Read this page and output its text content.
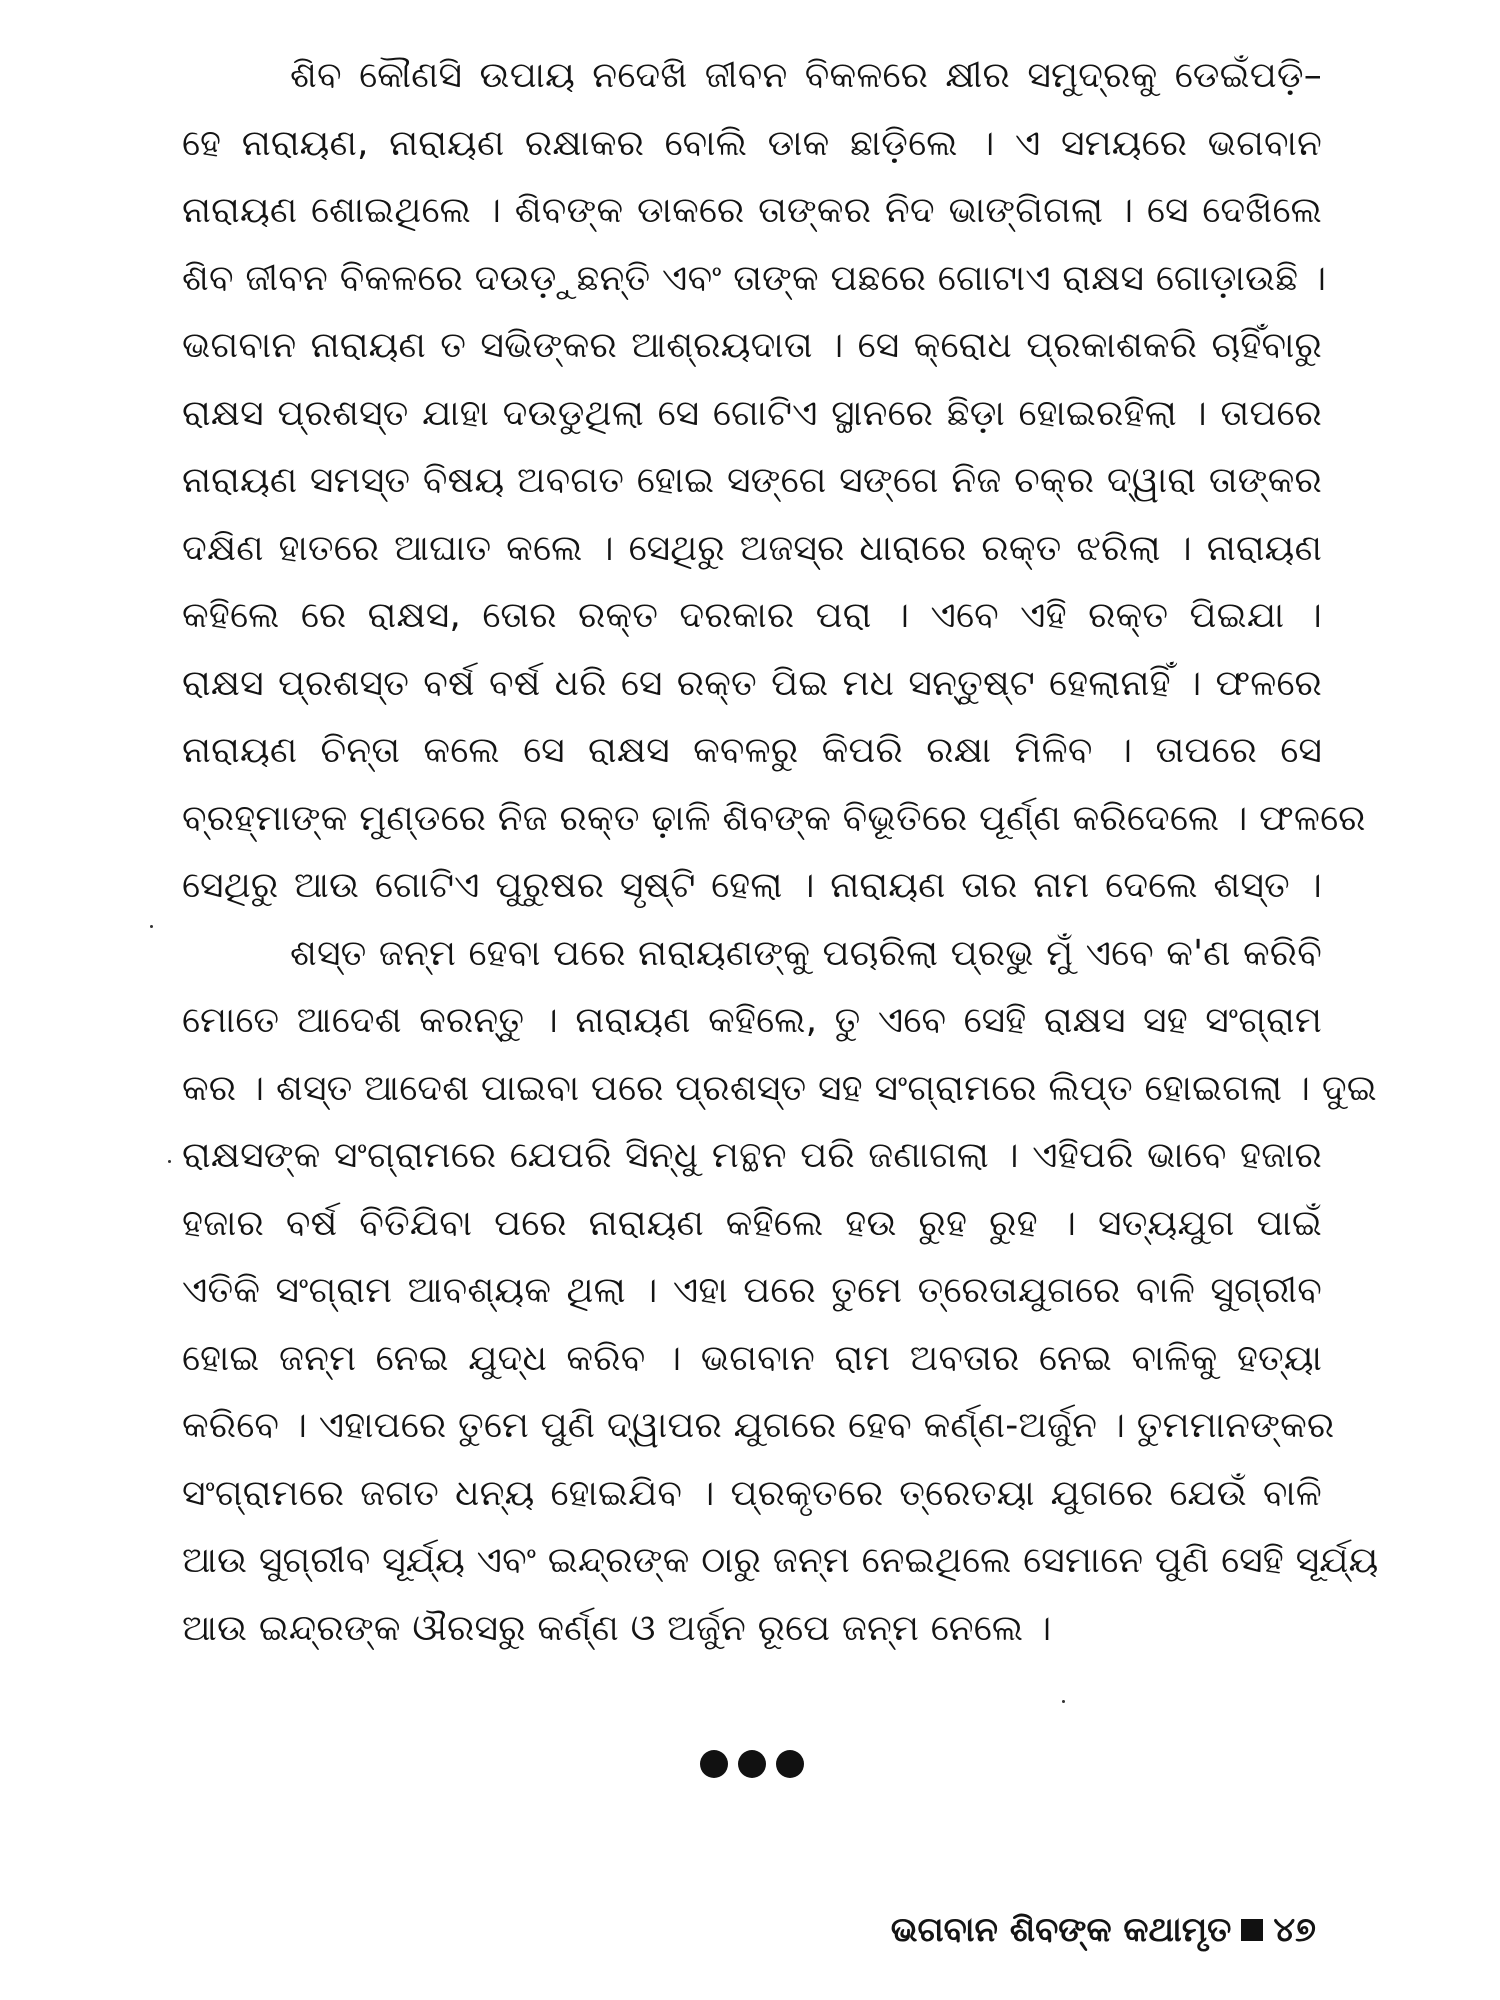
ଶିବ କୌଣସି ଉପାୟ ନଦେଖି ଜୀବନ ବିକଳରେ କ୍ଷୀର ସମୁଦ୍ରକୁ ଡେଇଁପଡ଼ି–
ହେ ନାରାୟଣ, ନାରାୟଣ ରକ୍ଷାକର ବୋଲି ଡାକ ଛାଡ଼ିଲେ । ଏ ସମୟରେ ଭଗବାନ
ନାରାୟଣ ଶୋଇଥିଲେ । ଶିବଙ୍କ ଡାକରେ ତାଙ୍କର ନିଦ ଭାଙ୍ଗିଗଲା । ସେ ଦେଖିଲେ
ଶିବ ଜୀବନ ବିକଳରେ ଦଉଡ଼ୁଛନ୍ତି ଏବଂ ତାଙ୍କ ପଛରେ ଗୋଟାଏ ରାକ୍ଷସ ଗୋଡ଼ାଉଛି ।
ଭଗବାନ ନାରାୟଣ ତ ସଭିଙ୍କର ଆଶ୍ରୟଦାତା । ସେ କ୍ରୋଧ ପ୍ରକାଶକରି ଚାହିଁବାରୁ
ରାକ୍ଷସ ପ୍ରଶସ୍ତ ଯାହା ଦଉଡୁଥିଲା ସେ ଗୋଟିଏ ସ୍ଥାନରେ ଛିଡ଼ା ହୋଇରହିଲା । ତାପରେ
ନାରାୟଣ ସମସ୍ତ ବିଷୟ ଅବଗତ ହୋଇ ସଙ୍ଗେ ସଙ୍ଗେ ନିଜ ଚକ୍ର ଦ୍ୱାରା ତାଙ୍କର
ଦକ୍ଷିଣ ହାତରେ ଆଘାତ କଲେ । ସେଥିରୁ ଅଜସ୍ର ଧାରାରେ ରକ୍ତ ଝରିଲା । ନାରାୟଣ
କହିଲେ ରେ ରାକ୍ଷସ, ତୋର ରକ୍ତ ଦରକାର ପରା । ଏବେ ଏହି ରକ୍ତ ପିଇଯା ।
ରାକ୍ଷସ ପ୍ରଶସ୍ତ ବର୍ଷ ବର୍ଷ ଧରି ସେ ରକ୍ତ ପିଇ ମଧ ସନ୍ତୁଷ୍ଟ ହେଲାନାହିଁ । ଫଳରେ
ନାରାୟଣ ଚିନ୍ତା କଲେ ସେ ରାକ୍ଷସ କବଳରୁ କିପରି ରକ୍ଷା ମିଳିବ । ତାପରେ ସେ
ବ୍ରହ୍ମାଙ୍କ ମୁଣ୍ଡରେ ନିଜ ରକ୍ତ ଢ଼ାଳି ଶିବଙ୍କ ବିଭୂତିରେ ପୂର୍ଣ୍ଣ କରିଦେଲେ । ଫଳରେ
ସେଥିରୁ ଆଉ ଗୋଟିଏ ପୁରୁଷର ସୃଷ୍ଟି ହେଲା । ନାରାୟଣ ତାର ନାମ ଦେଲେ ଶସ୍ତ ।
ଶସ୍ତ ଜନ୍ମ ହେବା ପରେ ନାରାୟଣଙ୍କୁ ପଚାରିଲା ପ୍ରଭୁ ମୁଁ ଏବେ କ'ଣ କରିବି
ମୋତେ ଆଦେଶ କରନ୍ତୁ । ନାରାୟଣ କହିଲେ, ତୁ ଏବେ ସେହି ରାକ୍ଷସ ସହ ସଂଗ୍ରାମ
କର । ଶସ୍ତ ଆଦେଶ ପାଇବା ପରେ ପ୍ରଶସ୍ତ ସହ ସଂଗ୍ରାମରେ ଲିପ୍ତ ହୋଇଗଲା । ଦୁଇ
ରାକ୍ଷସଙ୍କ ସଂଗ୍ରାମରେ ଯେପରି ସିନ୍ଧୁ ମନ୍ଥନ ପରି ଜଣାଗଲା । ଏହିପରି ଭାବେ ହଜାର
ହଜାର ବର୍ଷ ବିତିଯିବା ପରେ ନାରାୟଣ କହିଲେ ହଉ ରୁହ ରୁହ । ସତ୍ୟଯୁଗ ପାଇଁ
ଏତିକି ସଂଗ୍ରାମ ଆବଶ୍ୟକ ଥିଲା । ଏହା ପରେ ତୁମେ ତ୍ରେତାଯୁଗରେ ବାଳି ସୁଗ୍ରୀବ
ହୋଇ ଜନ୍ମ ନେଇ ଯୁଦ୍ଧ କରିବ । ଭଗବାନ ରାମ ଅବତାର ନେଇ ବାଳିକୁ ହତ୍ୟା
କରିବେ । ଏହାପରେ ତୁମେ ପୁଣି ଦ୍ୱାପର ଯୁଗରେ ହେବ କର୍ଣ୍ଣ-ଅର୍ଜୁନ । ତୁମମାନଙ୍କର
ସଂଗ୍ରାମରେ ଜଗତ ଧନ୍ୟ ହୋଇଯିବ । ପ୍ରକୃତରେ ତ୍ରେତୟା ଯୁଗରେ ଯେଉଁ ବାଳି
ଆଉ ସୁଗ୍ରୀବ ସୂର୍ଯ୍ୟ ଏବଂ ଇନ୍ଦ୍ରଙ୍କ ଠାରୁ ଜନ୍ମ ନେଇଥିଲେ ସେମାନେ ପୁଣି ସେହି ସୂର୍ଯ୍ୟ
ଆଉ ଇନ୍ଦ୍ରଙ୍କ ଔରସରୁ କର୍ଣ୍ଣ ଓ ଅର୍ଜୁନ ରୂପେ ଜନ୍ମ ନେଲେ ।
ଭଗବାନ ଶିବଙ୍କ କଥାମୃତ ୪୭
